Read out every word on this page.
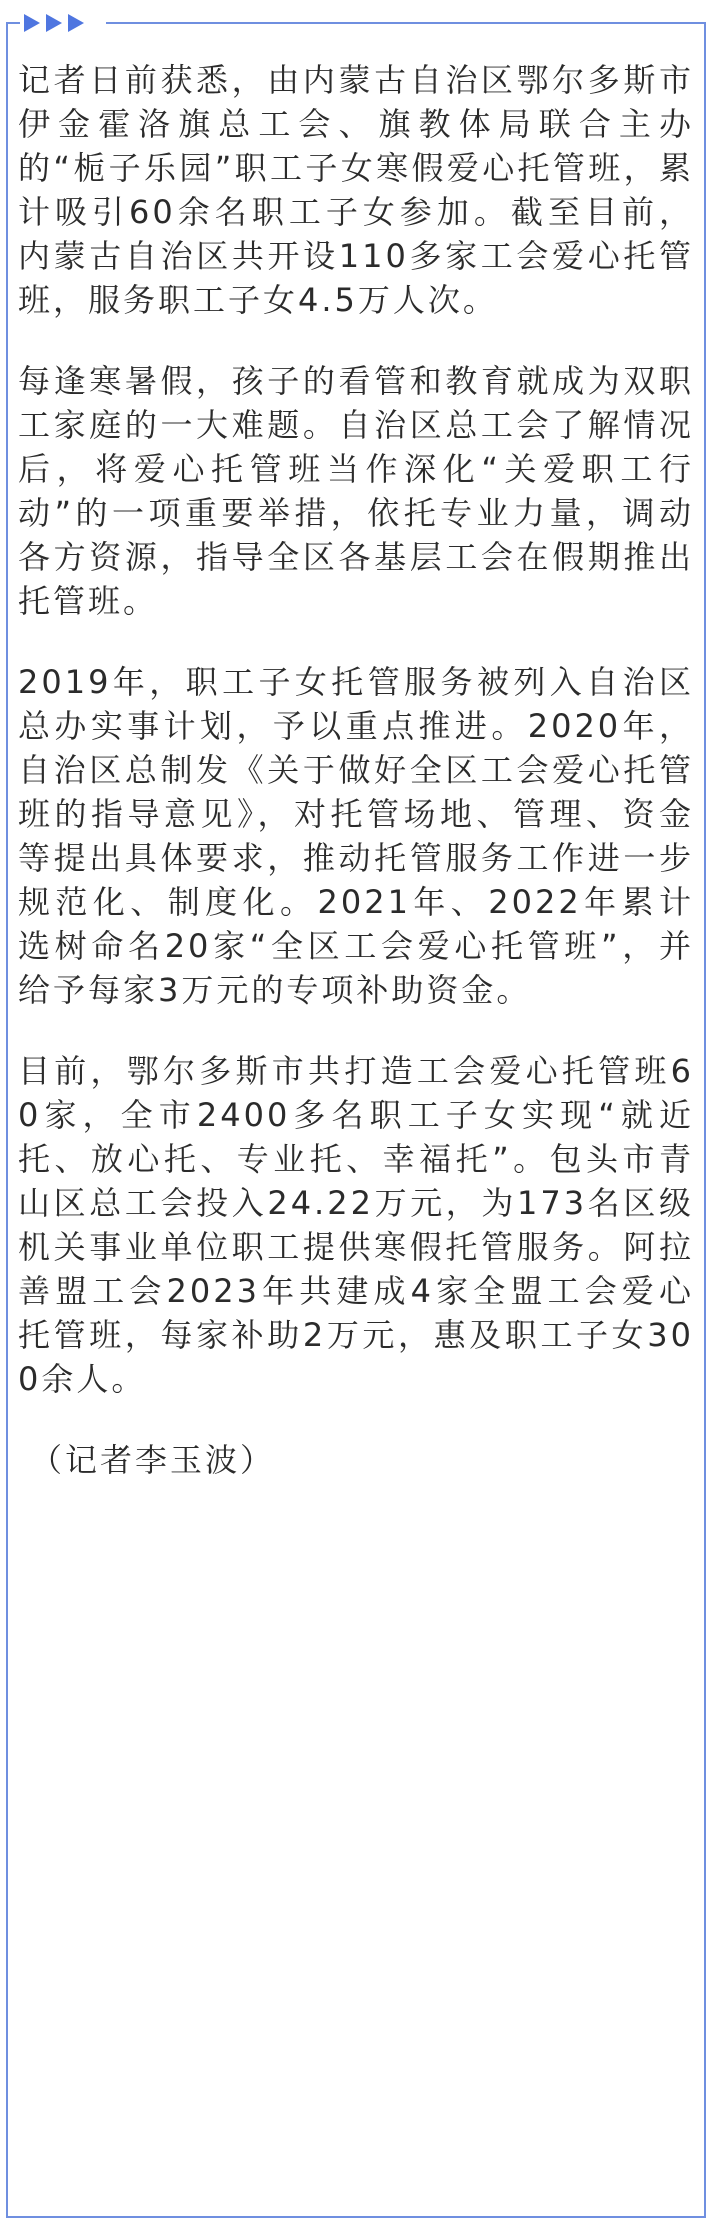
记者日前获悉，由内蒙古自治区鄂尔多斯市伊金霍洛旗总工会、旗教体局联合主办的“栀子乐园”职工子女寒假爱心托管班，累计吸引60余名职工子女参加。截至目前，内蒙古自治区共开设110多家工会爱心托管班，服务职工子女4.5万人次。

每逢寒暑假，孩子的看管和教育就成为双职工家庭的一大难题。自治区总工会了解情况后，将爱心托管班当作深化“关爱职工行动”的一项重要举措，依托专业力量，调动各方资源，指导全区各基层工会在假期推出托管班。

2019年，职工子女托管服务被列入自治区总办实事计划，予以重点推进。2020年，自治区总制发《关于做好全区工会爱心托管班的指导意见》，对托管场地、管理、资金等提出具体要求，推动托管服务工作进一步规范化、制度化。2021年、2022年累计选树命名20家“全区工会爱心托管班”，并给予每家3万元的专项补助资金。

目前，鄂尔多斯市共打造工会爱心托管班60家，全市2400多名职工子女实现“就近托、放心托、专业托、幸福托”。包头市青山区总工会投入24.22万元，为173名区级机关事业单位职工提供寒假托管服务。阿拉善盟工会2023年共建成4家全盟工会爱心托管班，每家补助2万元，惠及职工子女300余人。

（记者李玉波）
